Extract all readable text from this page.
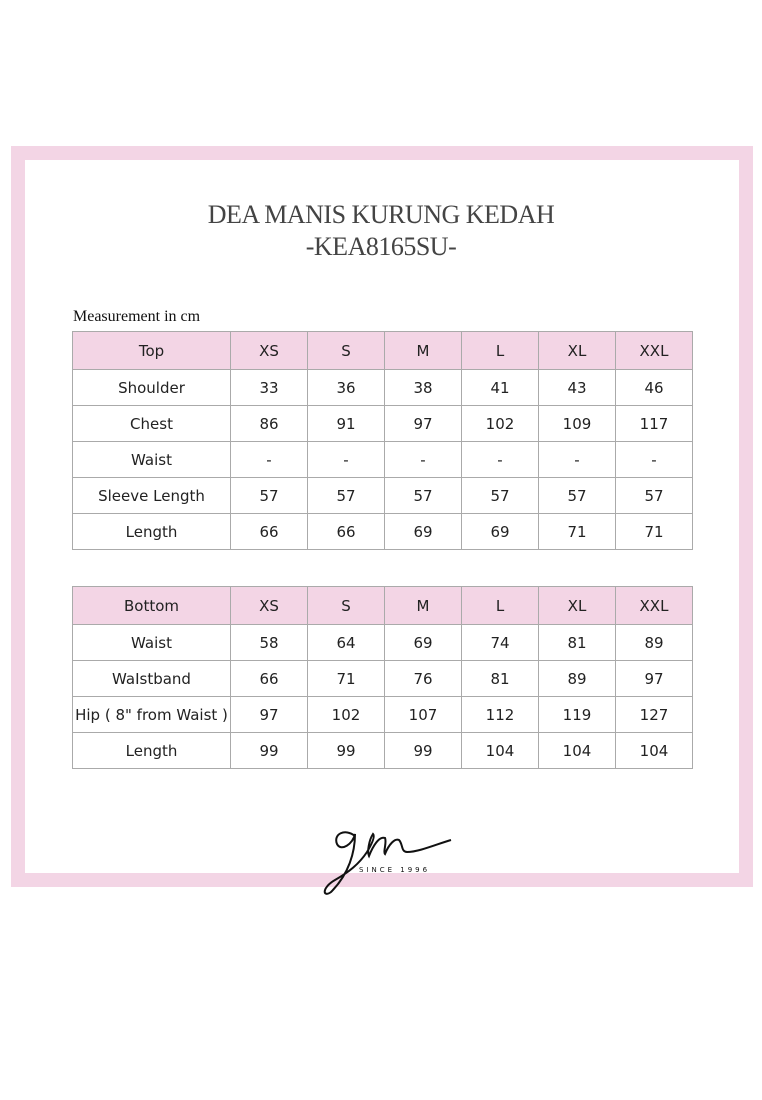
DEA MANIS KURUNG KEDAH
-KEA8165SU-
Measurement in cm
Top	XS	S	M	L	XL	XXL
Shoulder	33	36	38	41	43	46
Chest	86	91	97	102	109	117
Waist	-	-	-	-	-	-
Sleeve Length	57	57	57	57	57	57
Length	66	66	69	69	71	71
Bottom	XS	S	M	L	XL	XXL
Waist	58	64	69	74	81	89
WaIstband	66	71	76	81	89	97
Hip ( 8" from Waist )	97	102	107	112	119	127
Length	99	99	99	104	104	104
SINCE 1996
